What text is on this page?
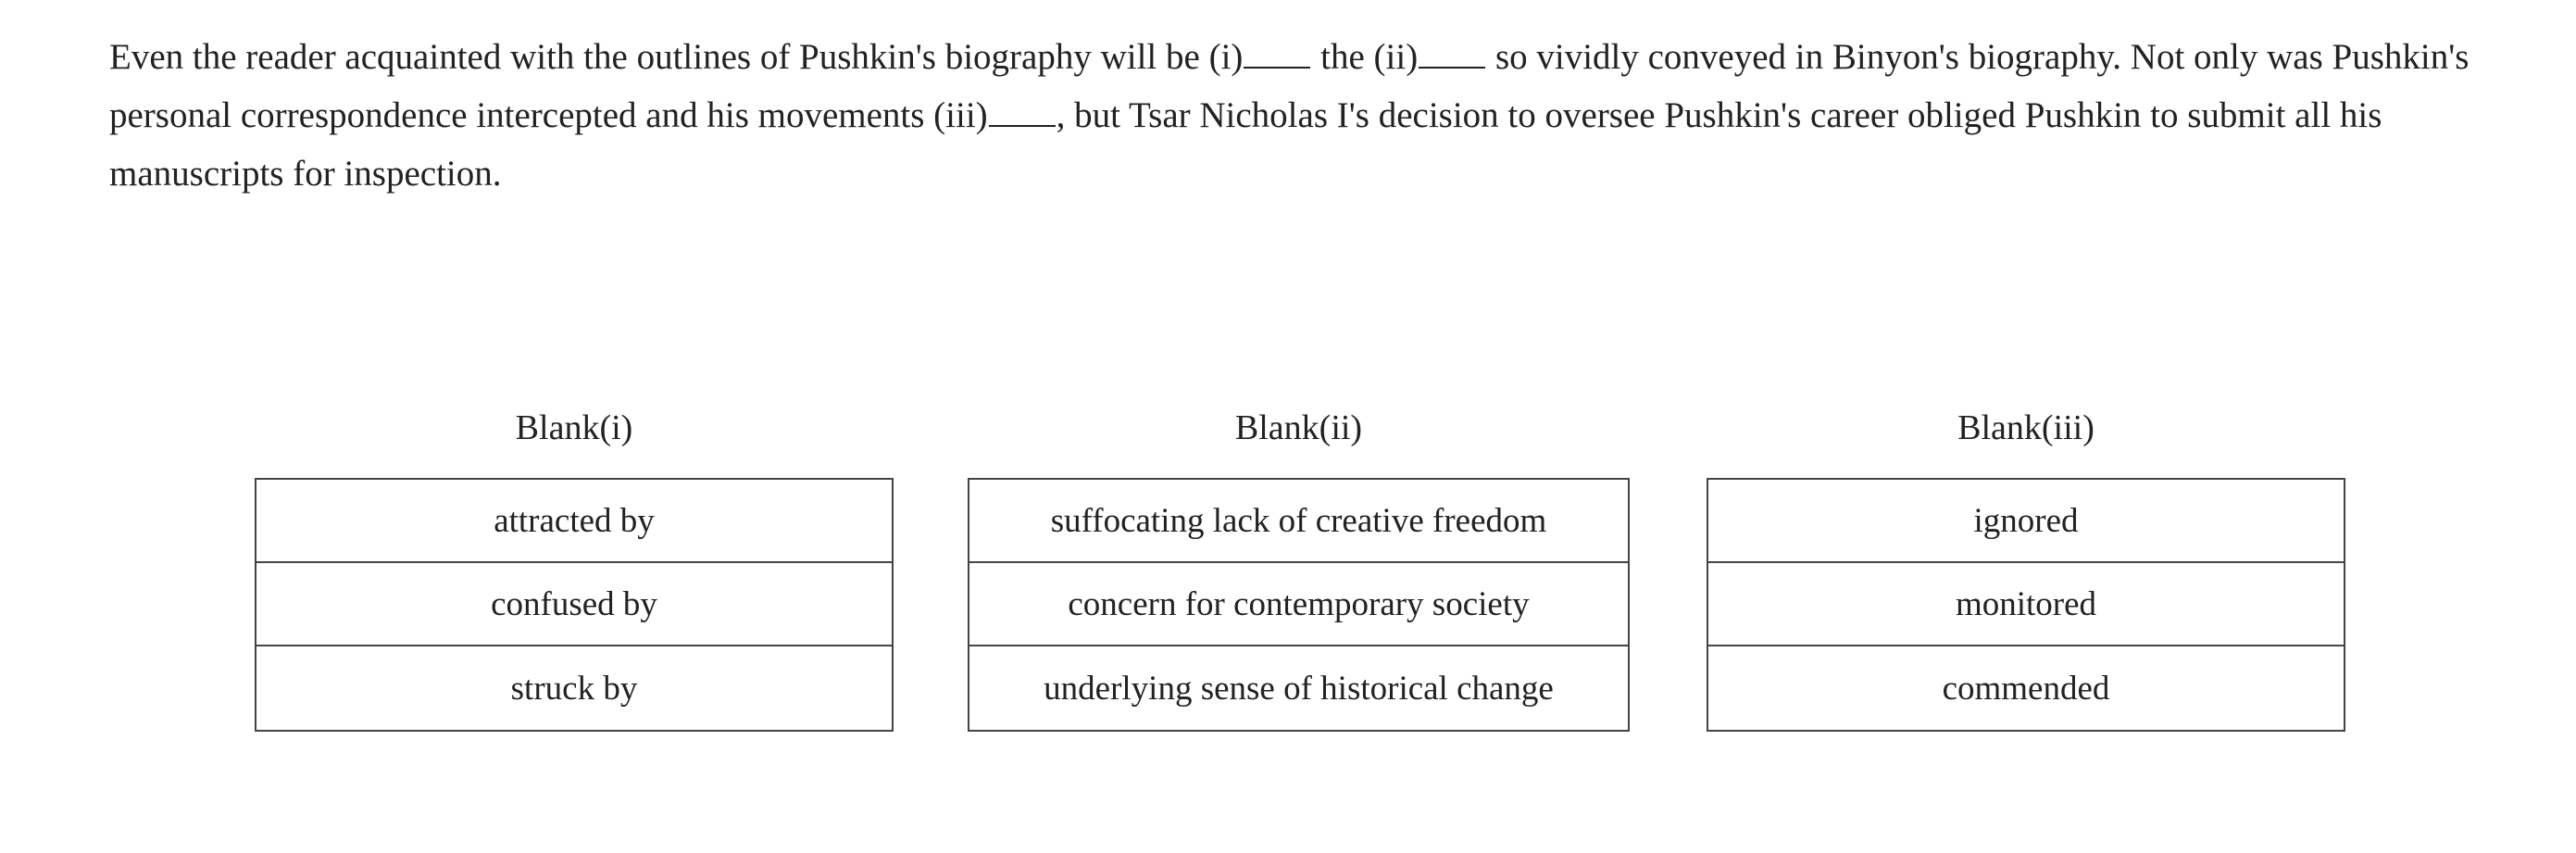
Even the reader acquainted with the outlines of Pushkin's biography will be (i) the (ii) so vividly conveyed in Binyon's biography. Not only was Pushkin's personal correspondence intercepted and his movements (iii) , but Tsar Nicholas I's decision to oversee Pushkin's career obliged Pushkin to submit all his manuscripts for inspection.
Blank(i)
attracted by
confused by
struck by
Blank(ii)
suffocating lack of creative freedom
concern for contemporary society
underlying sense of historical change
Blank(iii)
ignored
monitored
commended
